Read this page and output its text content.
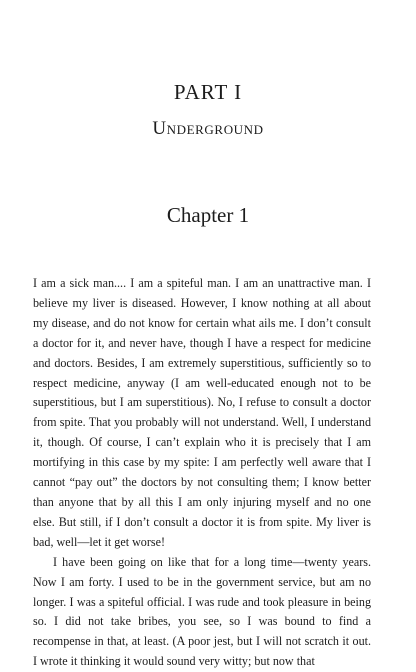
PART I
Underground
Chapter 1

I am a sick man.... I am a spiteful man. I am an unattractive man. I believe my liver is diseased. However, I know nothing at all about my disease, and do not know for certain what ails me. I don’t consult a doctor for it, and never have, though I have a respect for medicine and doctors. Besides, I am extremely superstitious, sufficiently so to respect medicine, anyway (I am well-educated enough not to be superstitious, but I am superstitious). No, I refuse to consult a doctor from spite. That you probably will not understand. Well, I understand it, though. Of course, I can’t explain who it is precisely that I am mortifying in this case by my spite: I am perfectly well aware that I cannot “pay out” the doctors by not consulting them; I know better than anyone that by all this I am only injuring myself and no one else. But still, if I don’t consult a doctor it is from spite. My liver is bad, well—let it get worse!

I have been going on like that for a long time—twenty years. Now I am forty. I used to be in the government service, but am no longer. I was a spiteful official. I was rude and took pleasure in being so. I did not take bribes, you see, so I was bound to find a recompense in that, at least. (A poor jest, but I will not scratch it out. I wrote it thinking it would sound very witty; but now that
